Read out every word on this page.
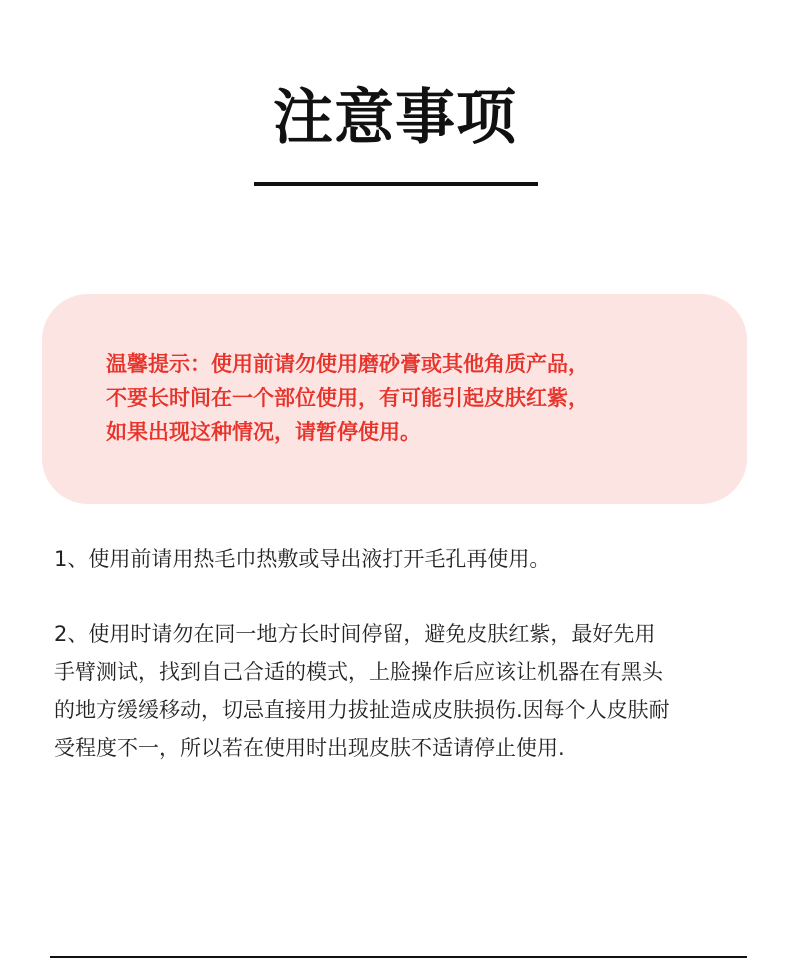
注意事项
温馨提示：使用前请勿使用磨砂膏或其他角质产品，
不要长时间在一个部位使用，有可能引起皮肤红紫，
如果出现这种情况，请暂停使用。
1、使用前请用热毛巾热敷或导出液打开毛孔再使用。
2、使用时请勿在同一地方长时间停留，避免皮肤红紫，最好先用
手臂测试，找到自己合适的模式，上脸操作后应该让机器在有黑头
的地方缓缓移动，切忌直接用力拔扯造成皮肤损伤.因每个人皮肤耐
受程度不一，所以若在使用时出现皮肤不适请停止使用.
